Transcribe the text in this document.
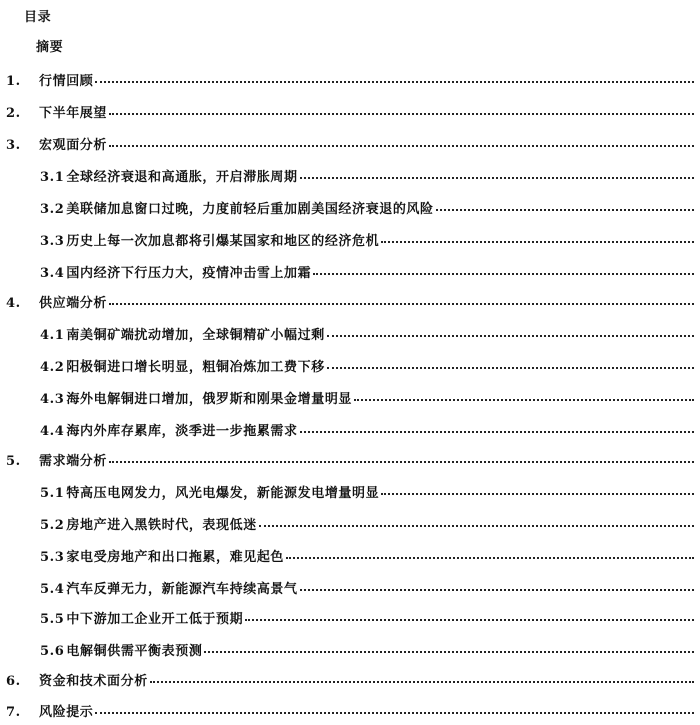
目录
摘要
1.	行情回顾
2.	下半年展望
3.	宏观面分析
3.1 全球经济衰退和高通胀，开启滞胀周期
3.2 美联储加息窗口过晚，力度前轻后重加剧美国经济衰退的风险
3.3 历史上每一次加息都将引爆某国家和地区的经济危机
3.4 国内经济下行压力大，疫情冲击雪上加霜
4.	供应端分析
4.1 南美铜矿端扰动增加，全球铜精矿小幅过剩
4.2 阳极铜进口增长明显，粗铜冶炼加工费下移
4.3 海外电解铜进口增加，俄罗斯和刚果金增量明显
4.4 海内外库存累库，淡季进一步拖累需求
5.	需求端分析
5.1 特高压电网发力，风光电爆发，新能源发电增量明显
5.2 房地产进入黑铁时代，表现低迷
5.3 家电受房地产和出口拖累，难见起色
5.4 汽车反弹无力，新能源汽车持续高景气
5.5 中下游加工企业开工低于预期
5.6 电解铜供需平衡表预测
6.	资金和技术面分析
7.	风险提示
